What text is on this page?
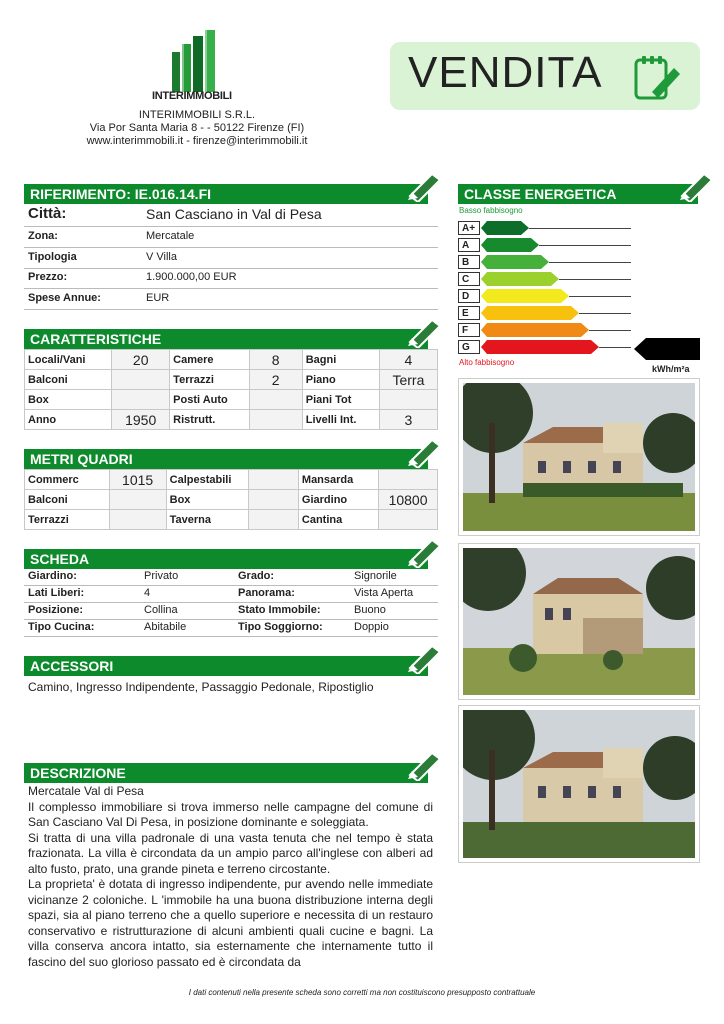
INTERIMMOBILI
INTERIMMOBILI S.R.L.
Via Por Santa Maria 8 - - 50122 Firenze (FI)
www.interimmobili.it - firenze@interimmobili.it
VENDITA
RIFERIMENTO: IE.016.14.FI
Città:	San Casciano in Val di Pesa
Zona:	Mercatale
Tipologia	V Villa
Prezzo:	1.900.000,00 EUR
Spese Annue:	EUR
CLASSE ENERGETICA
Basso fabbisogno
A+
A
B
C
D
E
F
G
Alto fabbisogno
kWh/m²a
CARATTERISTICHE
Locali/Vani	20	Camere	8	Bagni	4
Balconi		Terrazzi	2	Piano	Terra
Box		Posti Auto		Piani Tot	
Anno	1950	Ristrutt.		Livelli Int.	3
METRI QUADRI
Commerc	1015	Calpestabili		Mansarda	
Balconi		Box		Giardino	10800
Terrazzi		Taverna		Cantina	
SCHEDA
Giardino:	Privato	Grado:	Signorile
Lati Liberi:	4	Panorama:	Vista Aperta
Posizione:	Collina	Stato Immobile:	Buono
Tipo Cucina:	Abitabile	Tipo Soggiorno:	Doppio
ACCESSORI
Camino, Ingresso Indipendente, Passaggio Pedonale, Ripostiglio
DESCRIZIONE
Mercatale Val di Pesa
Il complesso immobiliare si trova immerso nelle campagne del comune di San Casciano Val Di Pesa, in posizione dominante e soleggiata.
Si tratta di una villa padronale di una vasta tenuta che nel tempo è stata frazionata. La villa è circondata da un ampio parco all'inglese con alberi ad alto fusto, prato, una grande pineta e terreno circostante.
La proprieta' è dotata di ingresso indipendente, pur avendo nelle immediate vicinanze 2 coloniche. L 'immobile ha una buona distribuzione interna degli spazi, sia al piano terreno che a quello superiore e necessita di un restauro conservativo e ristrutturazione di alcuni ambienti quali cucine e bagni. La villa conserva ancora intatto, sia esternamente che internamente tutto il fascino del suo glorioso passato ed è circondata da
I dati contenuti nella presente scheda sono corretti ma non costituiscono presupposto contrattuale
